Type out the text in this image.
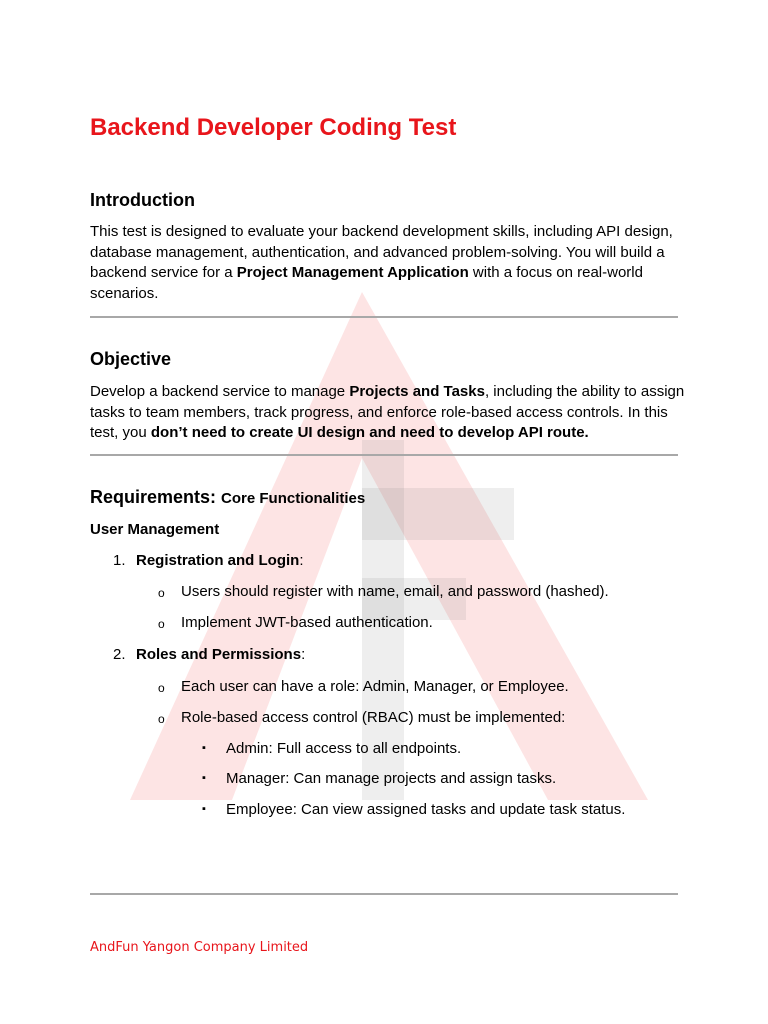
Backend Developer Coding Test
Introduction

This test is designed to evaluate your backend development skills, including API design, database management, authentication, and advanced problem-solving. You will build a backend service for a Project Management Application with a focus on real-world scenarios.

Objective

Develop a backend service to manage Projects and Tasks, including the ability to assign tasks to team members, track progress, and enforce role-based access controls. In this test, you don’t need to create UI design and need to develop API route.

Requirements: Core Functionalities
User Management
1. Registration and Login:
o Users should register with name, email, and password (hashed).
o Implement JWT-based authentication.
2. Roles and Permissions:
o Each user can have a role: Admin, Manager, or Employee.
o Role-based access control (RBAC) must be implemented:
▪ Admin: Full access to all endpoints.
▪ Manager: Can manage projects and assign tasks.
▪ Employee: Can view assigned tasks and update task status.
AndFun Yangon Company Limited
